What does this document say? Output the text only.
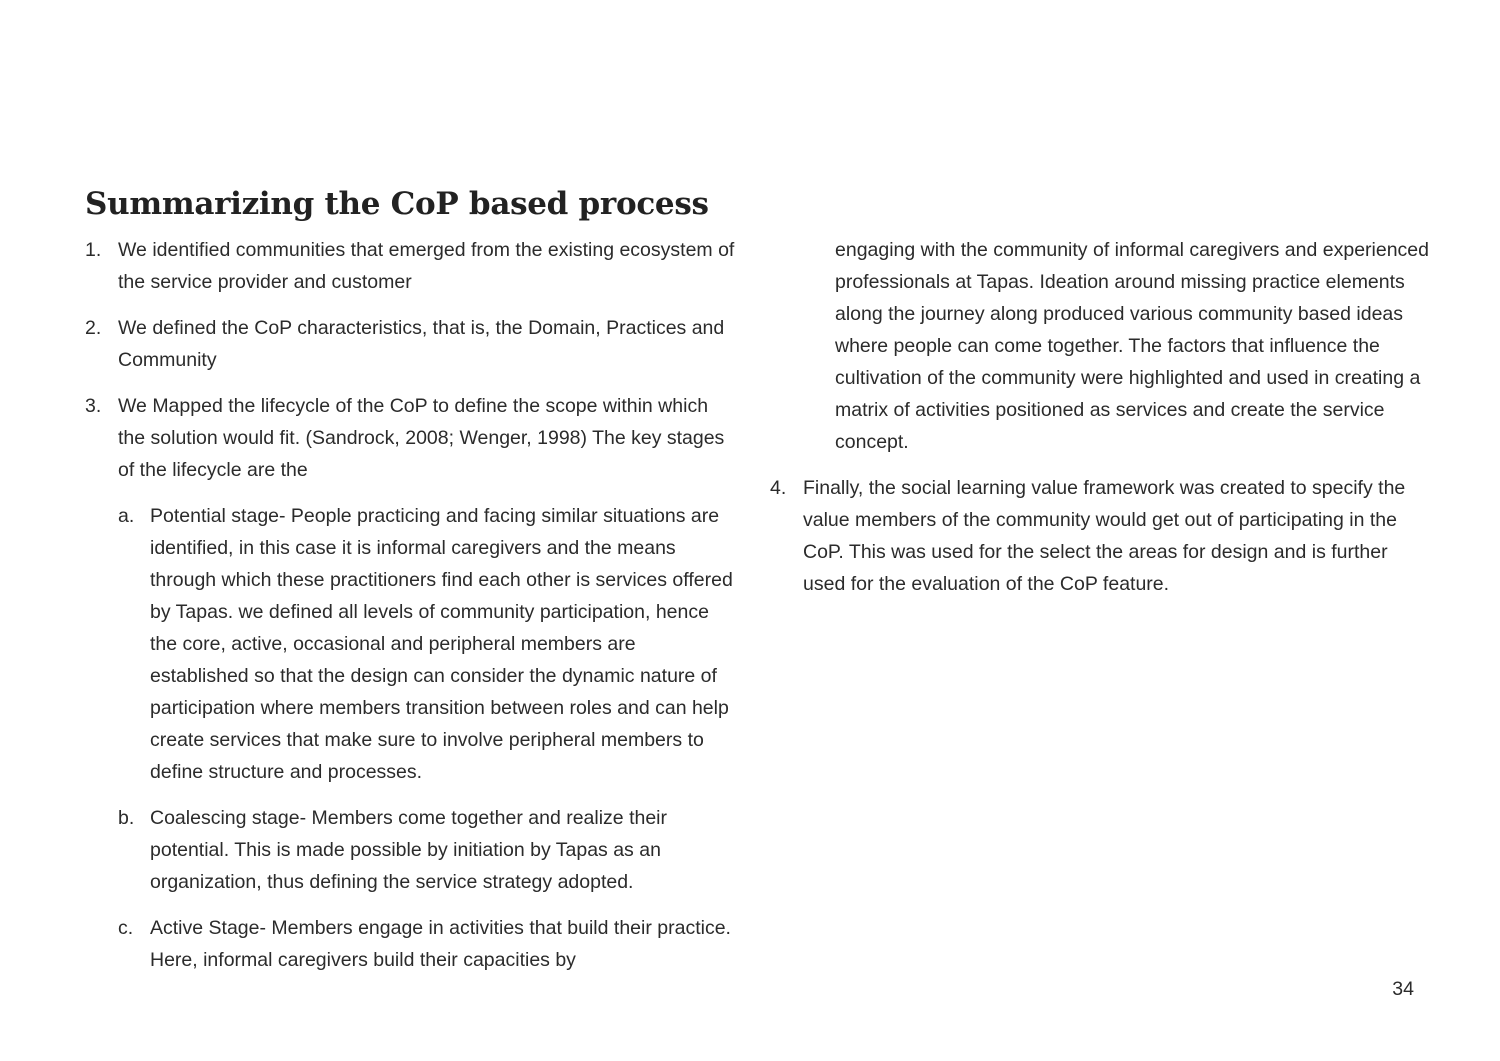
Summarizing the CoP based process
1. We identified communities that emerged from the existing ecosystem of the service provider and customer
2. We defined the CoP characteristics, that is, the Domain, Practices and Community
3. We Mapped the lifecycle of the CoP to define the scope within which the solution would fit. (Sandrock, 2008; Wenger, 1998) The key stages of the lifecycle are the
a. Potential stage- People practicing and facing similar situations are identified, in this case it is informal caregivers and the means through which these practitioners find each other is services offered by Tapas. we defined all levels of community participation, hence the core, active, occasional and peripheral members are established so that the design can consider the dynamic nature of participation where members transition between roles and can help create services that make sure to involve peripheral members to define structure and processes.
b. Coalescing stage- Members come together and realize their potential. This is made possible by initiation by Tapas as an organization, thus defining the service strategy adopted.
c. Active Stage- Members engage in activities that build their practice. Here, informal caregivers build their capacities by
engaging with the community of informal caregivers and experienced professionals at Tapas. Ideation around missing practice elements along the journey along produced various community based ideas where people can come together. The factors that influence the cultivation of the community were highlighted and used in creating a matrix of activities positioned as services and create the service concept.
4. Finally, the social learning value framework was created to specify the value members of the community would get out of participating in the CoP. This was used for the select the areas for design and is further used for the evaluation of the CoP feature.
34
